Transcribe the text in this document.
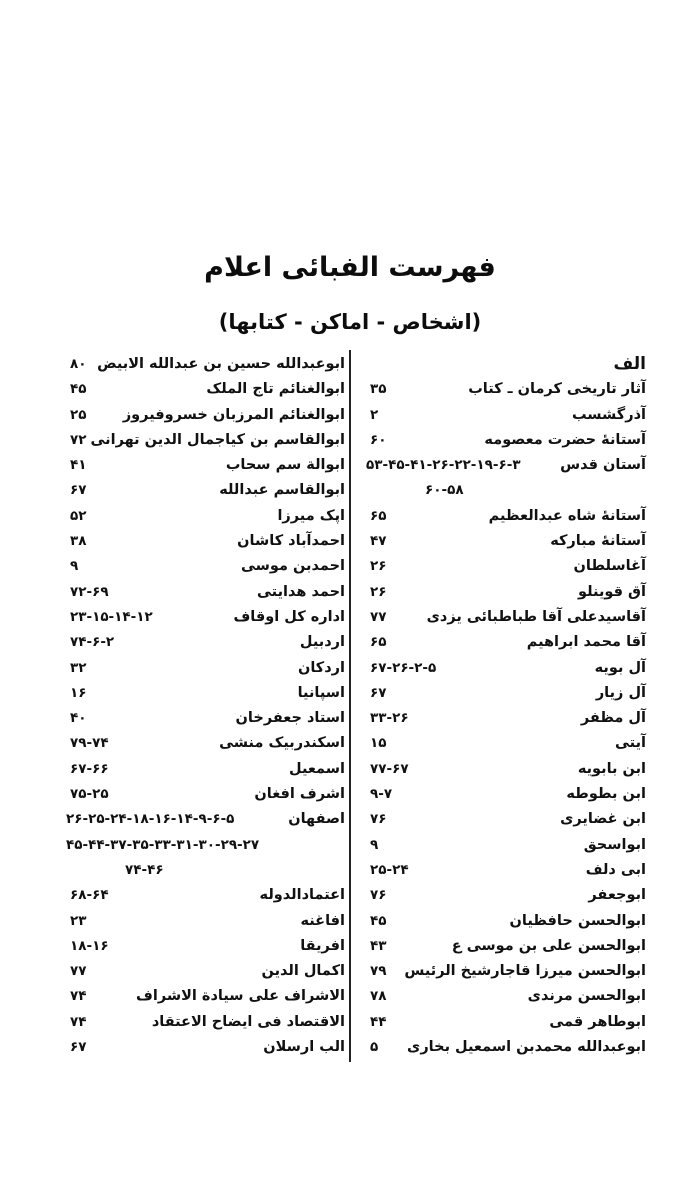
فهرست الفبائی اعلام
(اشخاص - اماکن - کتابها)
الف
آثار تاریخی کرمان ـ کتاب
۳۵
آذرگشسب
۲
آستانۀ حضرت معصومه
۶۰
آستان قدس
۵۳-۴۵-۴۱-۲۶-۲۲-۱۹-۶-۳
۶۰-۵۸
آستانۀ شاه عبدالعظیم
۶۵
آستانۀ مبارکه
۴۷
آغاسلطان
۲۶
آق قوینلو
۲۶
آقاسیدعلی آقا طباطبائی یزدی
۷۷
آقا محمد ابراهیم
۶۵
آل بویه
۶۷-۲۶-۲-۵
آل زیار
۶۷
آل مظفر
۳۳-۲۶
آیتی
۱۵
ابن بابویه
۷۷-۶۷
ابن بطوطه
۹-۷
ابن غضایری
۷۶
ابواسحق
۹
ابی دلف
۲۵-۲۴
ابوجعفر
۷۶
ابوالحسن حافظیان
۴۵
ابوالحسن علی بن موسی ع
۴۳
ابوالحسن میرزا قاجارشیخ الرئیس
۷۹
ابوالحسن مرندی
۷۸
ابوطاهر قمی
۴۴
ابوعبدالله محمدبن اسمعیل بخاری
۵
ابوعبدالله حسین بن عبدالله الابیض
۸۰
ابوالغنائم تاج الملک
۴۵
ابوالغنائم المرزبان خسروفیروز
۲۵
ابوالقاسم بن کیاجمال الدین تهرانی
۷۲
ابوالة سم سحاب
۴۱
ابوالقاسم عبدالله
۶۷
اپک میرزا
۵۲
احمدآباد کاشان
۳۸
احمدبن موسی
۹
احمد هدایتی
۷۲-۶۹
اداره کل اوقاف
۲۳-۱۵-۱۴-۱۲
اردبیل
۷۴-۶-۲
اردکان
۳۲
اسپانیا
۱۶
استاد جعفرخان
۴۰
اسکندربیک منشی
۷۹-۷۴
اسمعیل
۶۷-۶۶
اشرف افغان
۷۵-۲۵
اصفهان
۲۶-۲۵-۲۴-۱۸-۱۶-۱۴-۹-۶-۵
۴۵-۴۴-۳۷-۳۵-۳۳-۳۱-۳۰-۲۹-۲۷
۷۴-۴۶
اعتمادالدوله
۶۸-۶۴
افاغنه
۲۳
افریقا
۱۸-۱۶
اکمال الدین
۷۷
الاشراف علی سیادة الاشراف
۷۴
الاقتصاد فی ایضاح الاعتقاد
۷۴
الب ارسلان
۶۷
